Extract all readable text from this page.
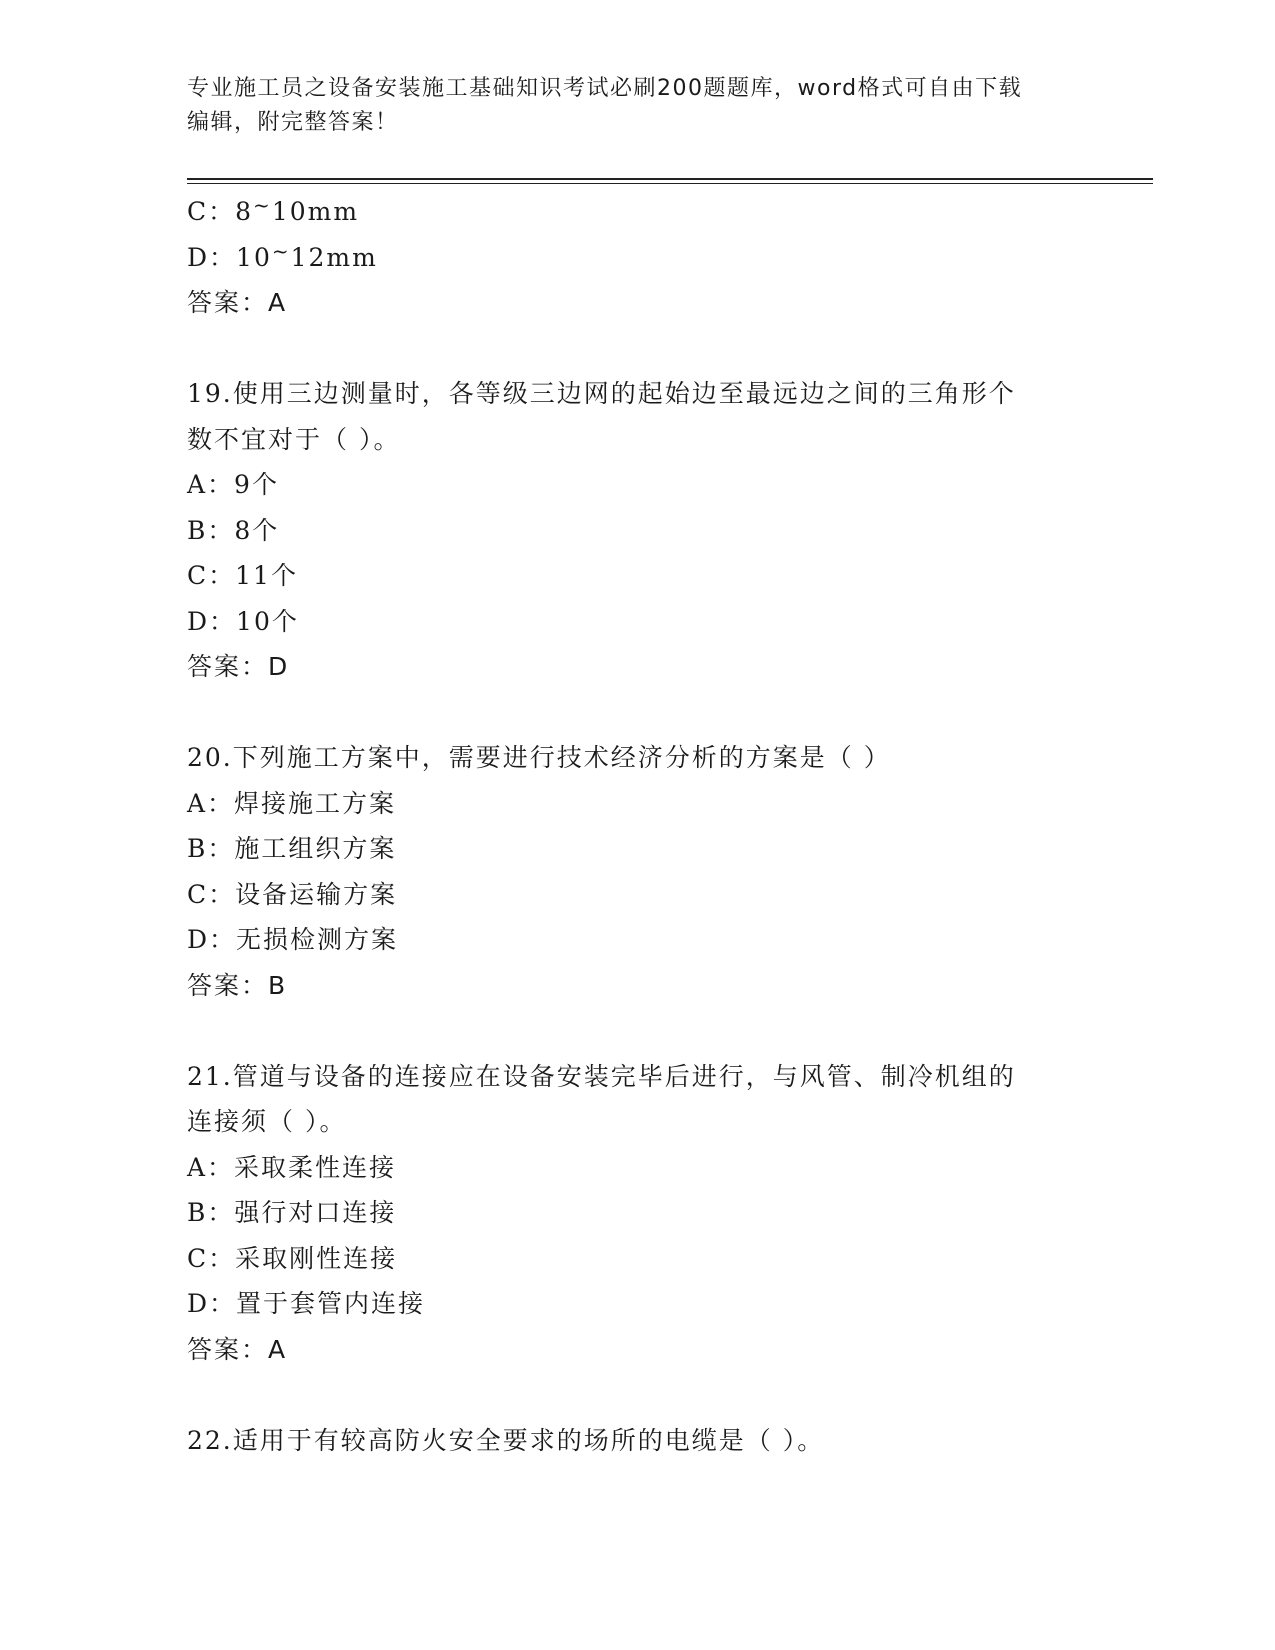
专业施工员之设备安装施工基础知识考试必刷200题题库，word格式可自由下载
编辑，附完整答案！
C：8~10mm
D：10~12mm
答案：A
19.使用三边测量时，各等级三边网的起始边至最远边之间的三角形个
数不宜对于（ ）。
A：9个
B：8个
C：11个
D：10个
答案：D
20.下列施工方案中，需要进行技术经济分析的方案是（ ）
A：焊接施工方案
B：施工组织方案
C：设备运输方案
D：无损检测方案
答案：B
21.管道与设备的连接应在设备安装完毕后进行，与风管、制冷机组的
连接须（ ）。
A：采取柔性连接
B：强行对口连接
C：采取刚性连接
D：置于套管内连接
答案：A
22.适用于有较高防火安全要求的场所的电缆是（ ）。
